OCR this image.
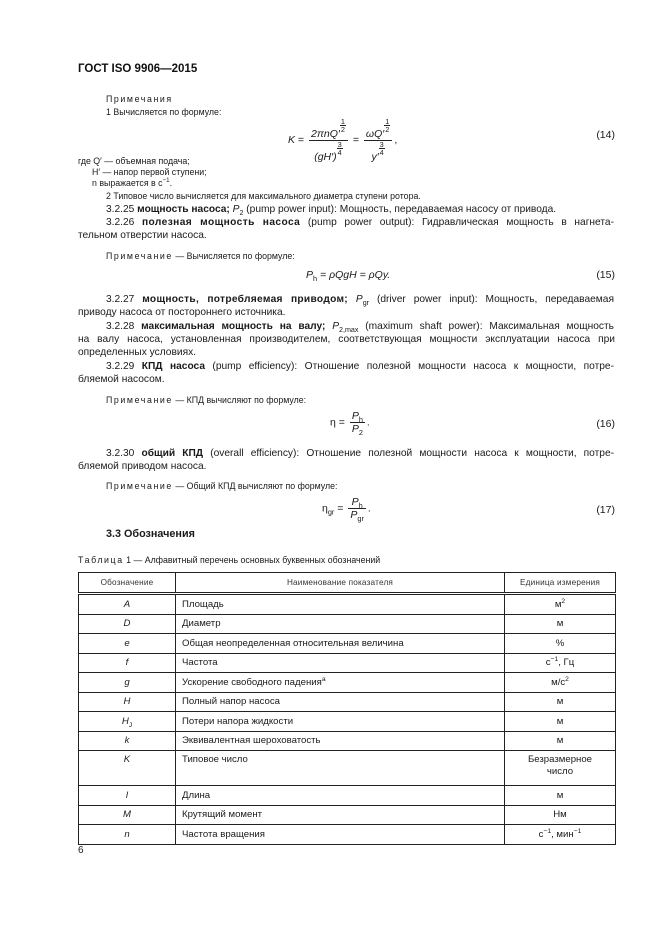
ГОСТ ISO 9906—2015
Примечания
1 Вычисляется по формуле:
K = 2πnQ′
$\frac{1}{2}$
(gH′)
$\frac{3}{4} = \omega Q'$
$\frac{1}{2}$
y′
$\frac{3}{4}$ ,	(14)
где Q′ — объемная подача;
H′ — напор первой ступени;
n выражается в $с^{-1}$.
2 Типовое число вычисляется для максимального диаметра ступени ротора.
3.2.25 мощность насоса; $P_2$ (pump power input): Мощность, передаваемая насосу от привода.
3.2.26 полезная мощность насоса (pump power output): Гидравлическая мощность в нагнета-
тельном отверстии насоса.
Примечание — Вычисляется по формуле:
$P_h = \rho QgH = \rho Qy$.	(15)
3.2.27 мощность, потребляемая приводом; $P_{gr}$ (driver power input): Мощность, передаваемая
приводу насоса от постороннего источника.
3.2.28 максимальная мощность на валу; $P_{2,max}$ (maximum shaft power): Максимальная мощность
на валу насоса, установленная производителем, соответствующая мощности эксплуатации насоса при
определенных условиях.
3.2.29 КПД насоса (pump efficiency): Отношение полезной мощности насоса к мощности, потре-
бляемой насосом.
Примечание — КПД вычисляют по формуле:
$\eta = \frac{P_h}{P_2}$ .	(16)
3.2.30 общий КПД (overall efficiency): Отношение полезной мощности насоса к мощности, потре-
бляемой приводом насоса.
Примечание — Общий КПД вычисляют по формуле:
$\eta_{gr} = \frac{P_h}{P_{gr}}$ .	(17)
3.3 Обозначения
Таблица 1 — Алфавитный перечень основных буквенных обозначений
Обозначение	Наименование показателя	Единица измерения
A	Площадь	$м^2$
D	Диаметр	м
e	Общая неопределенная относительная величина	%
f	Частота	$с^{-1}$, Гц
g	Ускорение свободного падения$^a$	$м/с^2$
H	Полный напор насоса	м
$H_J$	Потери напора жидкости	м
k	Эквивалентная шероховатость	м
K	Типовое число	Безразмерное
число
l	Длина	м
M	Крутящий момент	Нм
n	Частота вращения	$с^{-1}$, мин$^{-1}$
6
